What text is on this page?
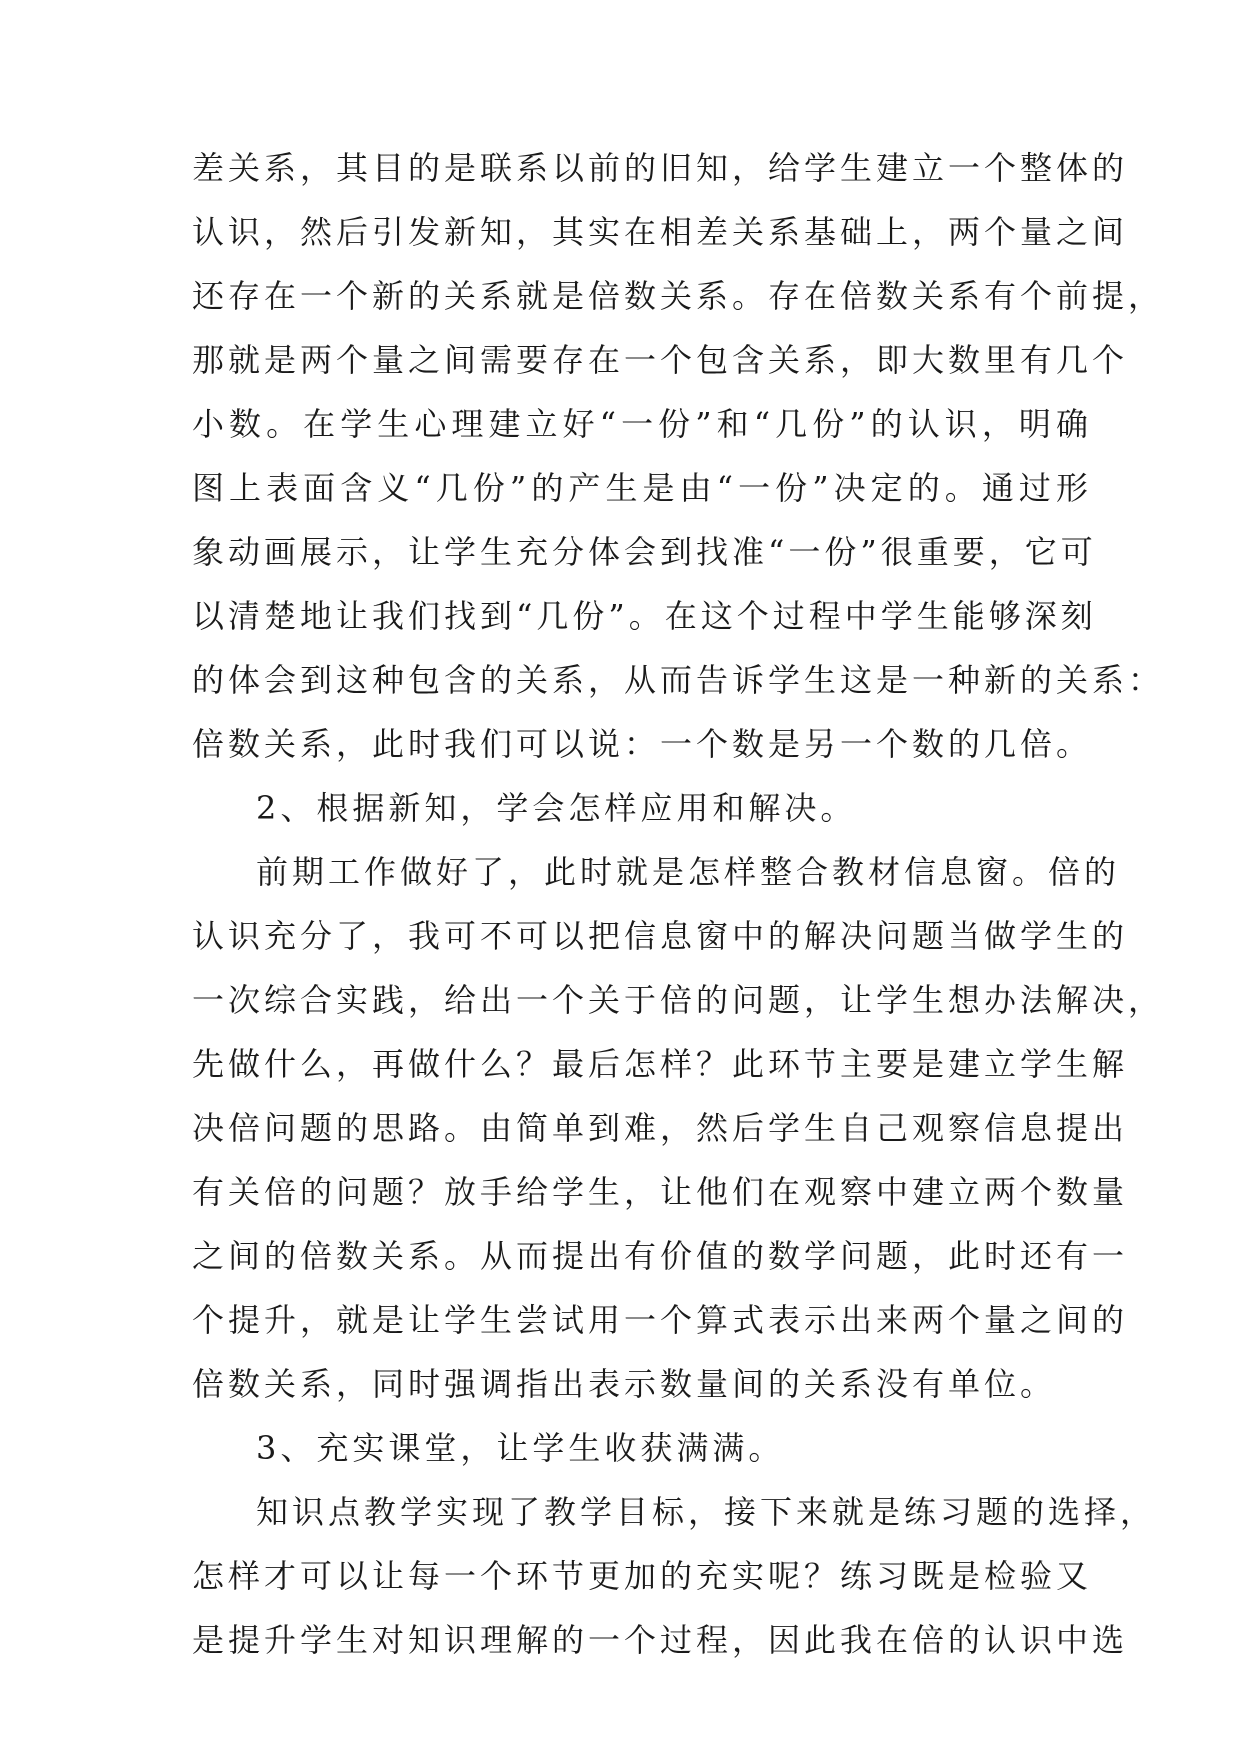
差关系，其目的是联系以前的旧知，给学生建立一个整体的
认识，然后引发新知，其实在相差关系基础上，两个量之间
还存在一个新的关系就是倍数关系。存在倍数关系有个前提，
那就是两个量之间需要存在一个包含关系，即大数里有几个
小数。在学生心理建立好“一份”和“几份”的认识，明确
图上表面含义“几份”的产生是由“一份”决定的。通过形
象动画展示，让学生充分体会到找准“一份”很重要，它可
以清楚地让我们找到“几份”。在这个过程中学生能够深刻
的体会到这种包含的关系，从而告诉学生这是一种新的关系：
倍数关系，此时我们可以说：一个数是另一个数的几倍。
2、根据新知，学会怎样应用和解决。
前期工作做好了，此时就是怎样整合教材信息窗。倍的
认识充分了，我可不可以把信息窗中的解决问题当做学生的
一次综合实践，给出一个关于倍的问题，让学生想办法解决，
先做什么，再做什么？最后怎样？此环节主要是建立学生解
决倍问题的思路。由简单到难，然后学生自己观察信息提出
有关倍的问题？放手给学生，让他们在观察中建立两个数量
之间的倍数关系。从而提出有价值的数学问题，此时还有一
个提升，就是让学生尝试用一个算式表示出来两个量之间的
倍数关系，同时强调指出表示数量间的关系没有单位。
3、充实课堂，让学生收获满满。
知识点教学实现了教学目标，接下来就是练习题的选择，
怎样才可以让每一个环节更加的充实呢？练习既是检验又
是提升学生对知识理解的一个过程，因此我在倍的认识中选
